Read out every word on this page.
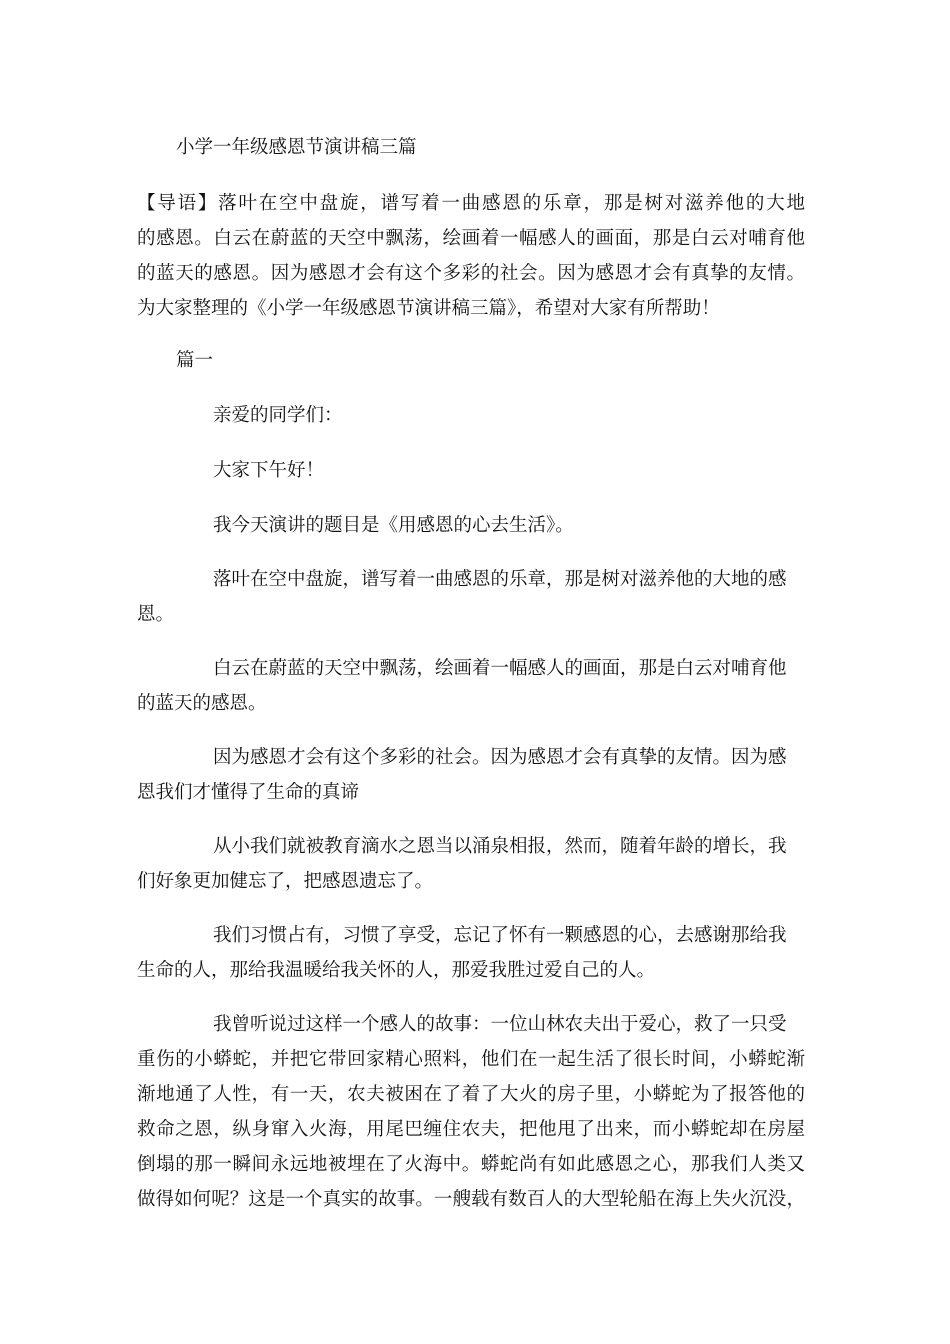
小学一年级感恩节演讲稿三篇
【导语】落叶在空中盘旋，谱写着一曲感恩的乐章，那是树对滋养他的大地
的感恩。白云在蔚蓝的天空中飘荡，绘画着一幅感人的画面，那是白云对哺育他
的蓝天的感恩。因为感恩才会有这个多彩的社会。因为感恩才会有真挚的友情。
为大家整理的《小学一年级感恩节演讲稿三篇》，希望对大家有所帮助！
篇一
亲爱的同学们：
大家下午好！
我今天演讲的题目是《用感恩的心去生活》。
落叶在空中盘旋，谱写着一曲感恩的乐章，那是树对滋养他的大地的感
恩。
白云在蔚蓝的天空中飘荡，绘画着一幅感人的画面，那是白云对哺育他
的蓝天的感恩。
因为感恩才会有这个多彩的社会。因为感恩才会有真挚的友情。因为感
恩我们才懂得了生命的真谛
从小我们就被教育滴水之恩当以涌泉相报，然而，随着年龄的增长，我
们好象更加健忘了，把感恩遗忘了。
我们习惯占有，习惯了享受，忘记了怀有一颗感恩的心，去感谢那给我
生命的人，那给我温暖给我关怀的人，那爱我胜过爱自己的人。
我曾听说过这样一个感人的故事：一位山林农夫出于爱心，救了一只受
重伤的小蟒蛇，并把它带回家精心照料，他们在一起生活了很长时间，小蟒蛇渐
渐地通了人性，有一天，农夫被困在了着了大火的房子里，小蟒蛇为了报答他的
救命之恩，纵身窜入火海，用尾巴缠住农夫，把他甩了出来，而小蟒蛇却在房屋
倒塌的那一瞬间永远地被埋在了火海中。蟒蛇尚有如此感恩之心，那我们人类又
做得如何呢？这是一个真实的故事。一艘载有数百人的大型轮船在海上失火沉没，
